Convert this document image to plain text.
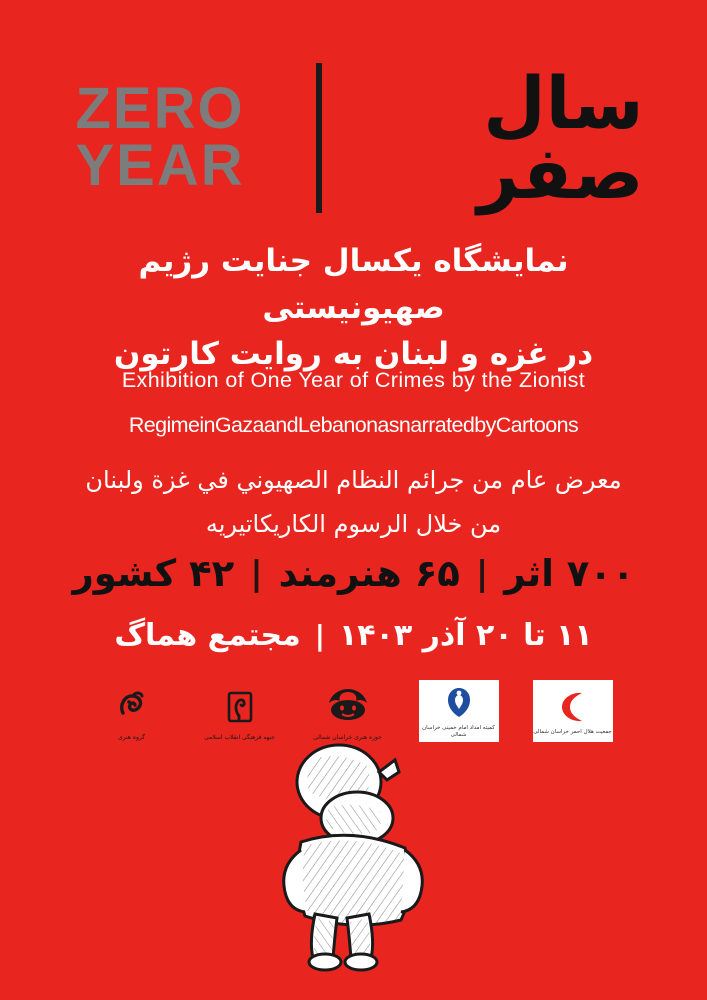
ZERO
YEAR
سال
صفر
نمایشگاه یکسال جنایت رژیم صهیونیستی
در غزه و لبنان به روایت کارتون
Exhibition of One Year of Crimes by the Zionist
RegimeinGazaandLebanonasnarratedbyCartoons
معرض عام من جرائم النظام الصهيوني في غزة ولبنان
من خلال الرسوم الكاريكاتيريه
۷۰۰ اثر
|
۶۵ هنرمند
|
۴۲ کشور
۱۱ تا ۲۰ آذر ۱۴۰۳
|
مجتمع هماگ
گروه هنری	جبهه فرهنگی انقلاب اسلامی	حوزه هنری خراسان شمالی
کمیته امداد امام خمینی خراسان شمالی
جمعیت هلال احمر خراسان شمالی
